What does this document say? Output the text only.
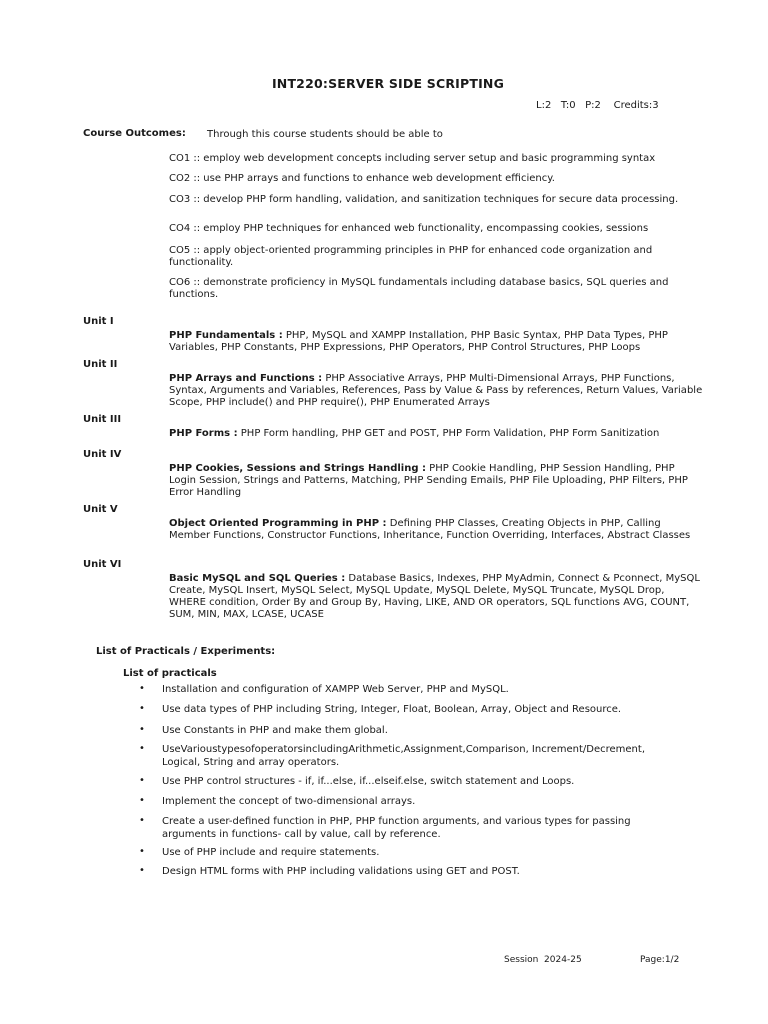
INT220:SERVER SIDE SCRIPTING
L:2   T:0   P:2    Credits:3
Course Outcomes: Through this course students should be able to
CO1 :: employ web development concepts including server setup and basic programming syntax
CO2 :: use PHP arrays and functions to enhance web development efficiency.
CO3 :: develop PHP form handling, validation, and sanitization techniques for secure data processing.
CO4 :: employ PHP techniques for enhanced web functionality, encompassing cookies, sessions
CO5 :: apply object-oriented programming principles in PHP for enhanced code organization and functionality.
CO6 :: demonstrate proficiency in MySQL fundamentals including database basics, SQL queries and functions.
Unit I
PHP Fundamentals : PHP, MySQL and XAMPP Installation, PHP Basic Syntax, PHP Data Types, PHP Variables, PHP Constants, PHP Expressions, PHP Operators, PHP Control Structures, PHP Loops
Unit II
PHP Arrays and Functions : PHP Associative Arrays, PHP Multi-Dimensional Arrays, PHP Functions, Syntax, Arguments and Variables, References, Pass by Value & Pass by references, Return Values, Variable Scope, PHP include() and PHP require(), PHP Enumerated Arrays
Unit III
PHP Forms : PHP Form handling, PHP GET and POST, PHP Form Validation, PHP Form Sanitization
Unit IV
PHP Cookies, Sessions and Strings Handling : PHP Cookie Handling, PHP Session Handling, PHP Login Session, Strings and Patterns, Matching, PHP Sending Emails, PHP File Uploading, PHP Filters, PHP Error Handling
Unit V
Object Oriented Programming in PHP : Defining PHP Classes, Creating Objects in PHP, Calling Member Functions, Constructor Functions, Inheritance, Function Overriding, Interfaces, Abstract Classes
Unit VI
Basic MySQL and SQL Queries : Database Basics, Indexes, PHP MyAdmin, Connect & Pconnect, MySQL Create, MySQL Insert, MySQL Select, MySQL Update, MySQL Delete, MySQL Truncate, MySQL Drop, WHERE condition, Order By and Group By, Having, LIKE, AND OR operators, SQL functions AVG, COUNT, SUM, MIN, MAX, LCASE, UCASE
List of Practicals / Experiments:
List of practicals
• Installation and configuration of XAMPP Web Server, PHP and MySQL.
• Use data types of PHP including String, Integer, Float, Boolean, Array, Object and Resource.
• Use Constants in PHP and make them global.
• UseVarioustypesofoperatorsincludingArithmetic,Assignment,Comparison, Increment/Decrement, Logical, String and array operators.
• Use PHP control structures - if, if...else, if...elseif.else, switch statement and Loops.
• Implement the concept of two-dimensional arrays.
• Create a user-defined function in PHP, PHP function arguments, and various types for passing arguments in functions- call by value, call by reference.
• Use of PHP include and require statements.
• Design HTML forms with PHP including validations using GET and POST.
Session  2024-25	Page:1/2
